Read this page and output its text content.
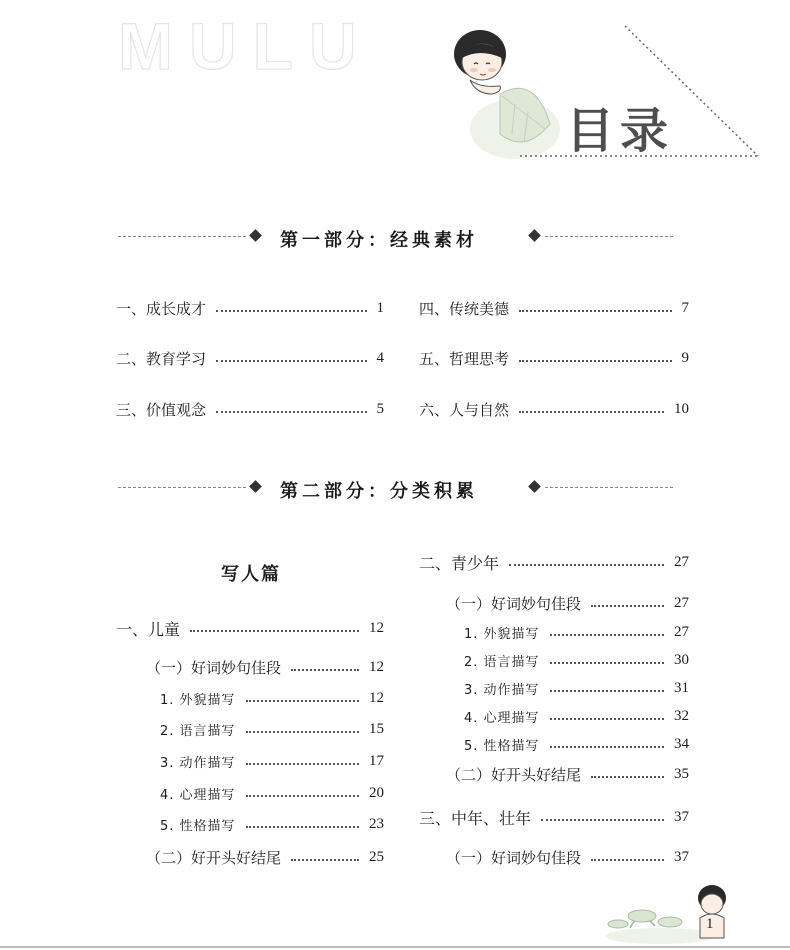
MULU
目录
第一部分：经典素材
一、成长成才	1
二、教育学习	4
三、价值观念	5
四、传统美德	7
五、哲理思考	9
六、人与自然	10
第二部分：分类积累
写人篇
一、儿童	12
（一）好词妙句佳段	12
1. 外貌描写	12
2. 语言描写	15
3. 动作描写	17
4. 心理描写	20
5. 性格描写	23
（二）好开头好结尾	25
二、青少年	27
（一）好词妙句佳段	27
1. 外貌描写	27
2. 语言描写	30
3. 动作描写	31
4. 心理描写	32
5. 性格描写	34
（二）好开头好结尾	35
三、中年、壮年	37
（一）好词妙句佳段	37
1
